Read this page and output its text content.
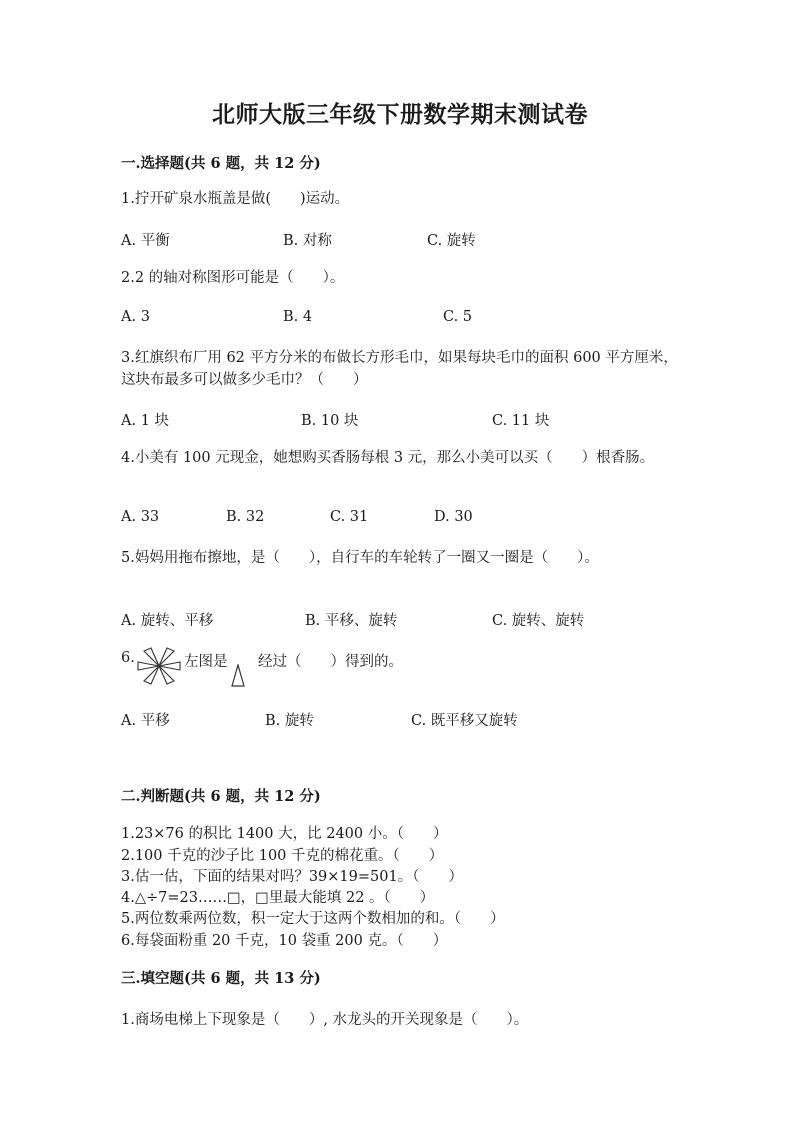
北师大版三年级下册数学期末测试卷
一.选择题(共 6 题，共 12 分)
1.拧开矿泉水瓶盖是做(　　)运动。
A. 平衡	B. 对称	C. 旋转
2.2 的轴对称图形可能是（　　）。
A. 3	B. 4	C. 5
3.红旗织布厂用 62 平方分米的布做长方形毛巾，如果每块毛巾的面积 600 平方厘米，这块布最多可以做多少毛巾？（　　）
A. 1 块	B. 10 块	C. 11 块
4.小美有 100 元现金，她想购买香肠每根 3 元，那么小美可以买（　　）根香肠。
A. 33	B. 32	C. 31	D. 30
5.妈妈用拖布擦地，是（　　），自行车的车轮转了一圈又一圈是（　　）。
A. 旋转、平移	B. 平移、旋转	C. 旋转、旋转
6.	左图是 经过（　　）得到的。
A. 平移	B. 旋转	C. 既平移又旋转
二.判断题(共 6 题，共 12 分)
1.23×76 的积比 1400 大，比 2400 小。（　　）
2.100 千克的沙子比 100 千克的棉花重。（　　）
3.估一估，下面的结果对吗？39×19=501。（　　）
4.△÷7=23……□，□里最大能填 22 。（　　）
5.两位数乘两位数，积一定大于这两个数相加的和。（　　）
6.每袋面粉重 20 千克，10 袋重 200 克。（　　）
三.填空题(共 6 题，共 13 分)
1.商场电梯上下现象是（　　）, 水龙头的开关现象是（　　）。
